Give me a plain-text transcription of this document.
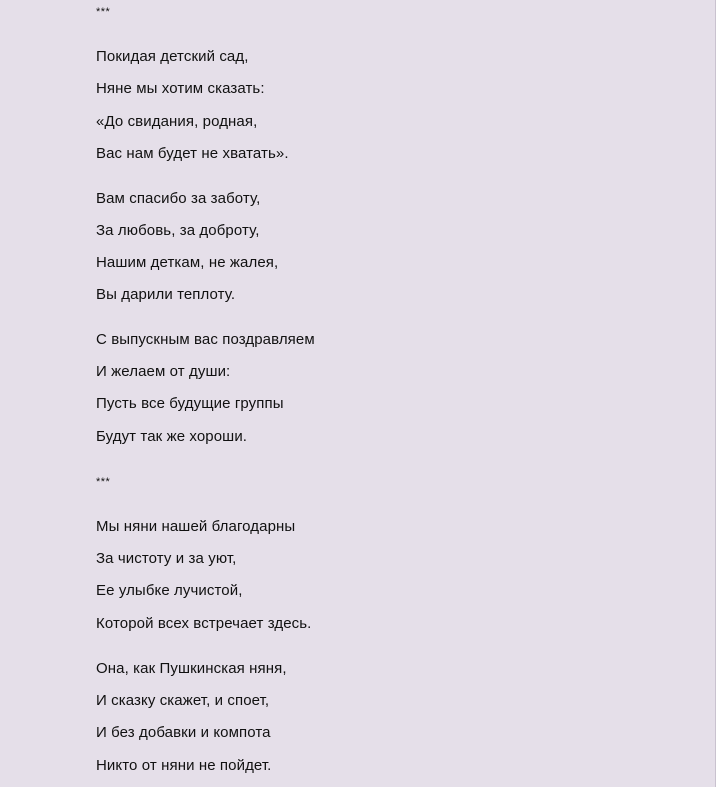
***
Покидая детский сад,
Няне мы хотим сказать:
«До свидания, родная,
Вас нам будет не хватать».
Вам спасибо за заботу,
За любовь, за доброту,
Нашим деткам, не жалея,
Вы дарили теплоту.
С выпускным вас поздравляем
И желаем от души:
Пусть все будущие группы
Будут так же хороши.
***
Мы няни нашей благодарны
За чистоту и за уют,
Ее улыбке лучистой,
Которой всех встречает здесь.
Она, как Пушкинская няня,
И сказку скажет, и споет,
И без добавки и компота
Никто от няни не пойдет.
